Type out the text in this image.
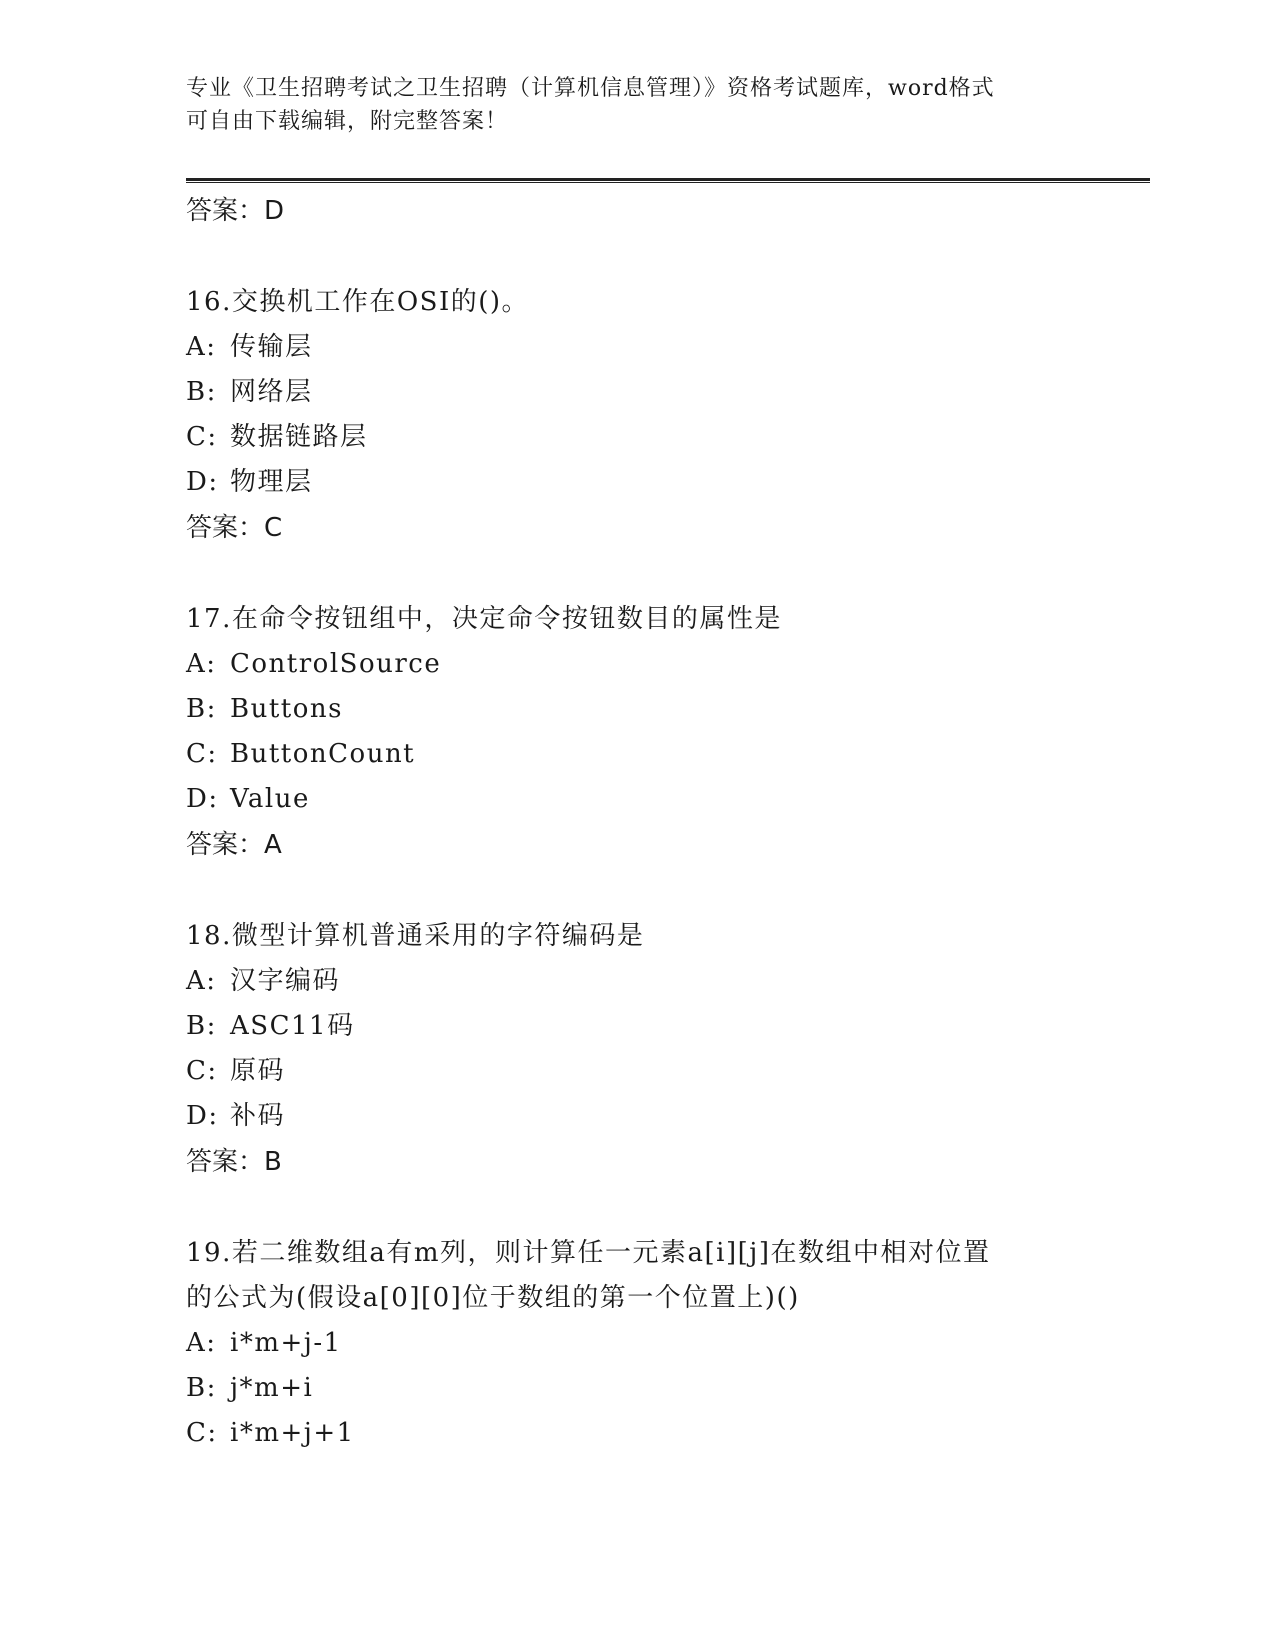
专业《卫生招聘考试之卫生招聘（计算机信息管理）》资格考试题库，word格式
可自由下载编辑，附完整答案！
答案：D
16.交换机工作在OSI的()。
A: 传输层
B: 网络层
C: 数据链路层
D: 物理层
答案：C
17.在命令按钮组中，决定命令按钮数目的属性是
A: ControlSource
B: Buttons
C: ButtonCount
D: Value
答案：A
18.微型计算机普通采用的字符编码是
A: 汉字编码
B: ASC11码
C: 原码
D: 补码
答案：B
19.若二维数组a有m列，则计算任一元素a[i][j]在数组中相对位置
的公式为(假设a[0][0]位于数组的第一个位置上)()
A: i*m+j-1
B: j*m+i
C: i*m+j+1
